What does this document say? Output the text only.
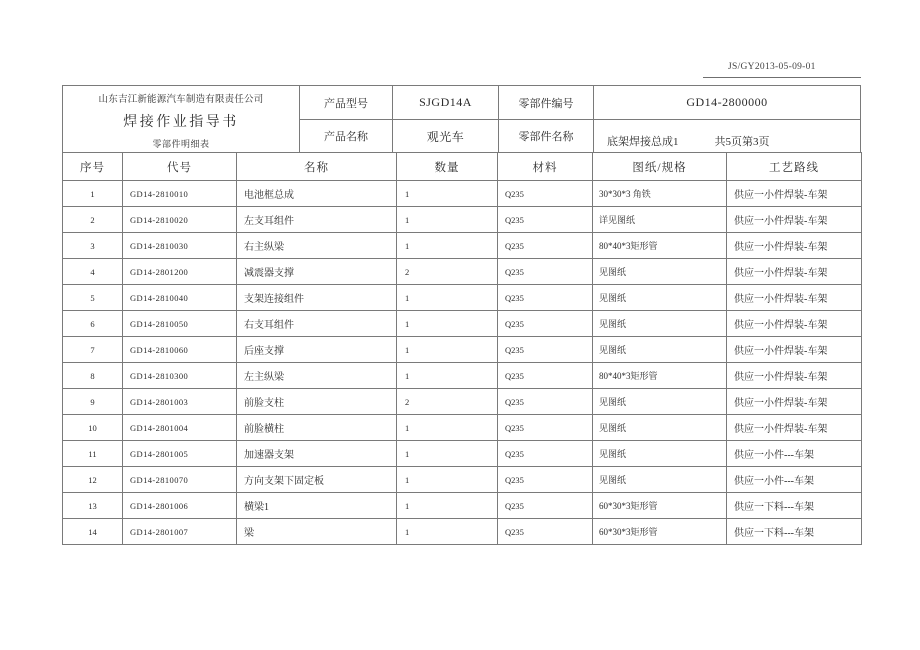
JS/GY2013-05-09-01
山东吉江新能源汽车制造有限责任公司
焊接作业指导书
零部件明细表
产品型号	SJGD14A	零部件编号	GD14-2800000
产品名称	观光车	零部件名称	底架焊接总成1	共5页第3页
序号	代号	名称	数量	材料	图纸/规格	工艺路线
1	GD14-2810010	电池框总成	1	Q235	30*30*3 角铁	供应一小件焊装-车架
2	GD14-2810020	左支耳组件	1	Q235	详见图纸	供应一小件焊装-车架
3	GD14-2810030	右主纵梁	1	Q235	80*40*3矩形管	供应一小件焊装-车架
4	GD14-2801200	减震器支撑	2	Q235	见图纸	供应一小件焊装-车架
5	GD14-2810040	支架连接组件	1	Q235	见图纸	供应一小件焊装-车架
6	GD14-2810050	右支耳组件	1	Q235	见图纸	供应一小件焊装-车架
7	GD14-2810060	后座支撑	1	Q235	见图纸	供应一小件焊装-车架
8	GD14-2810300	左主纵梁	1	Q235	80*40*3矩形管	供应一小件焊装-车架
9	GD14-2801003	前脸支柱	2	Q235	见图纸	供应一小件焊装-车架
10	GD14-2801004	前脸横柱	1	Q235	见图纸	供应一小件焊装-车架
11	GD14-2801005	加速器支架	1	Q235	见图纸	供应一小件---车架
12	GD14-2810070	方向支架下固定板	1	Q235	见图纸	供应一小件---车架
13	GD14-2801006	横梁1	1	Q235	60*30*3矩形管	供应一下料---车架
14	GD14-2801007	梁	1	Q235	60*30*3矩形管	供应一下料---车架
